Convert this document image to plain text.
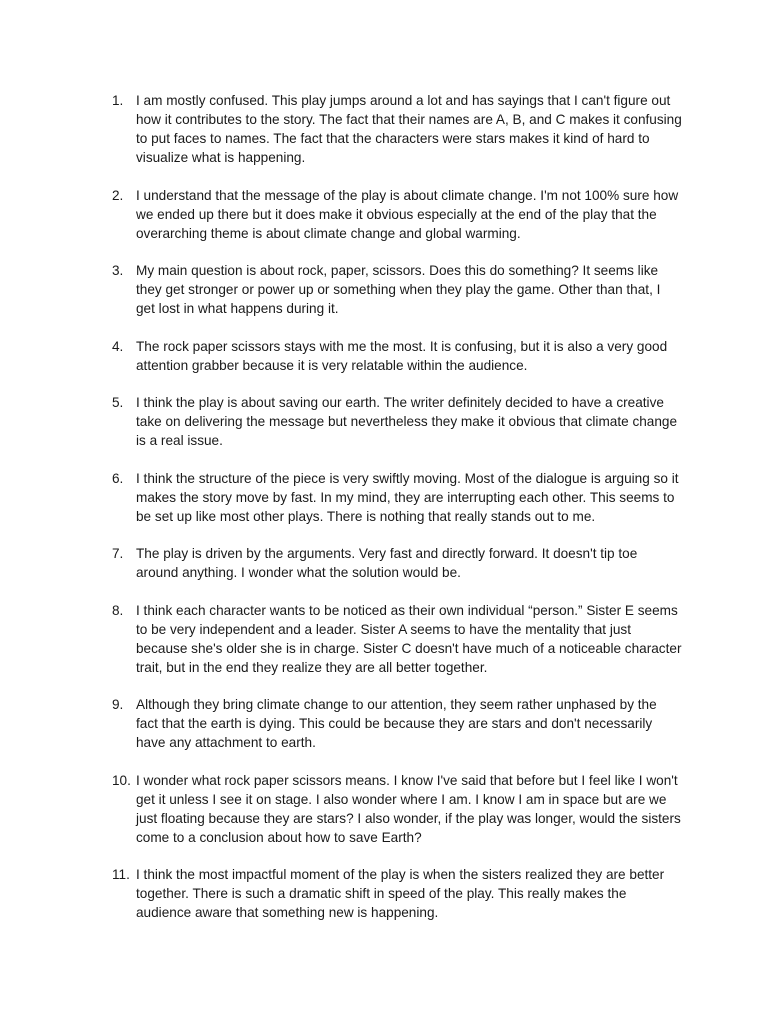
1. I am mostly confused. This play jumps around a lot and has sayings that I can't figure out how it contributes to the story. The fact that their names are A, B, and C makes it confusing to put faces to names. The fact that the characters were stars makes it kind of hard to visualize what is happening.
2. I understand that the message of the play is about climate change. I'm not 100% sure how we ended up there but it does make it obvious especially at the end of the play that the overarching theme is about climate change and global warming.
3. My main question is about rock, paper, scissors. Does this do something? It seems like they get stronger or power up or something when they play the game. Other than that, I get lost in what happens during it.
4. The rock paper scissors stays with me the most. It is confusing, but it is also a very good attention grabber because it is very relatable within the audience.
5. I think the play is about saving our earth. The writer definitely decided to have a creative take on delivering the message but nevertheless they make it obvious that climate change is a real issue.
6. I think the structure of the piece is very swiftly moving. Most of the dialogue is arguing so it makes the story move by fast. In my mind, they are interrupting each other. This seems to be set up like most other plays. There is nothing that really stands out to me.
7. The play is driven by the arguments. Very fast and directly forward. It doesn't tip toe around anything. I wonder what the solution would be.
8. I think each character wants to be noticed as their own individual “person.” Sister E seems to be very independent and a leader. Sister A seems to have the mentality that just because she's older she is in charge. Sister C doesn't have much of a noticeable character trait, but in the end they realize they are all better together.
9. Although they bring climate change to our attention, they seem rather unphased by the fact that the earth is dying. This could be because they are stars and don't necessarily have any attachment to earth.
10. I wonder what rock paper scissors means. I know I've said that before but I feel like I won't get it unless I see it on stage. I also wonder where I am. I know I am in space but are we just floating because they are stars? I also wonder, if the play was longer, would the sisters come to a conclusion about how to save Earth?
11. I think the most impactful moment of the play is when the sisters realized they are better together. There is such a dramatic shift in speed of the play. This really makes the audience aware that something new is happening.
